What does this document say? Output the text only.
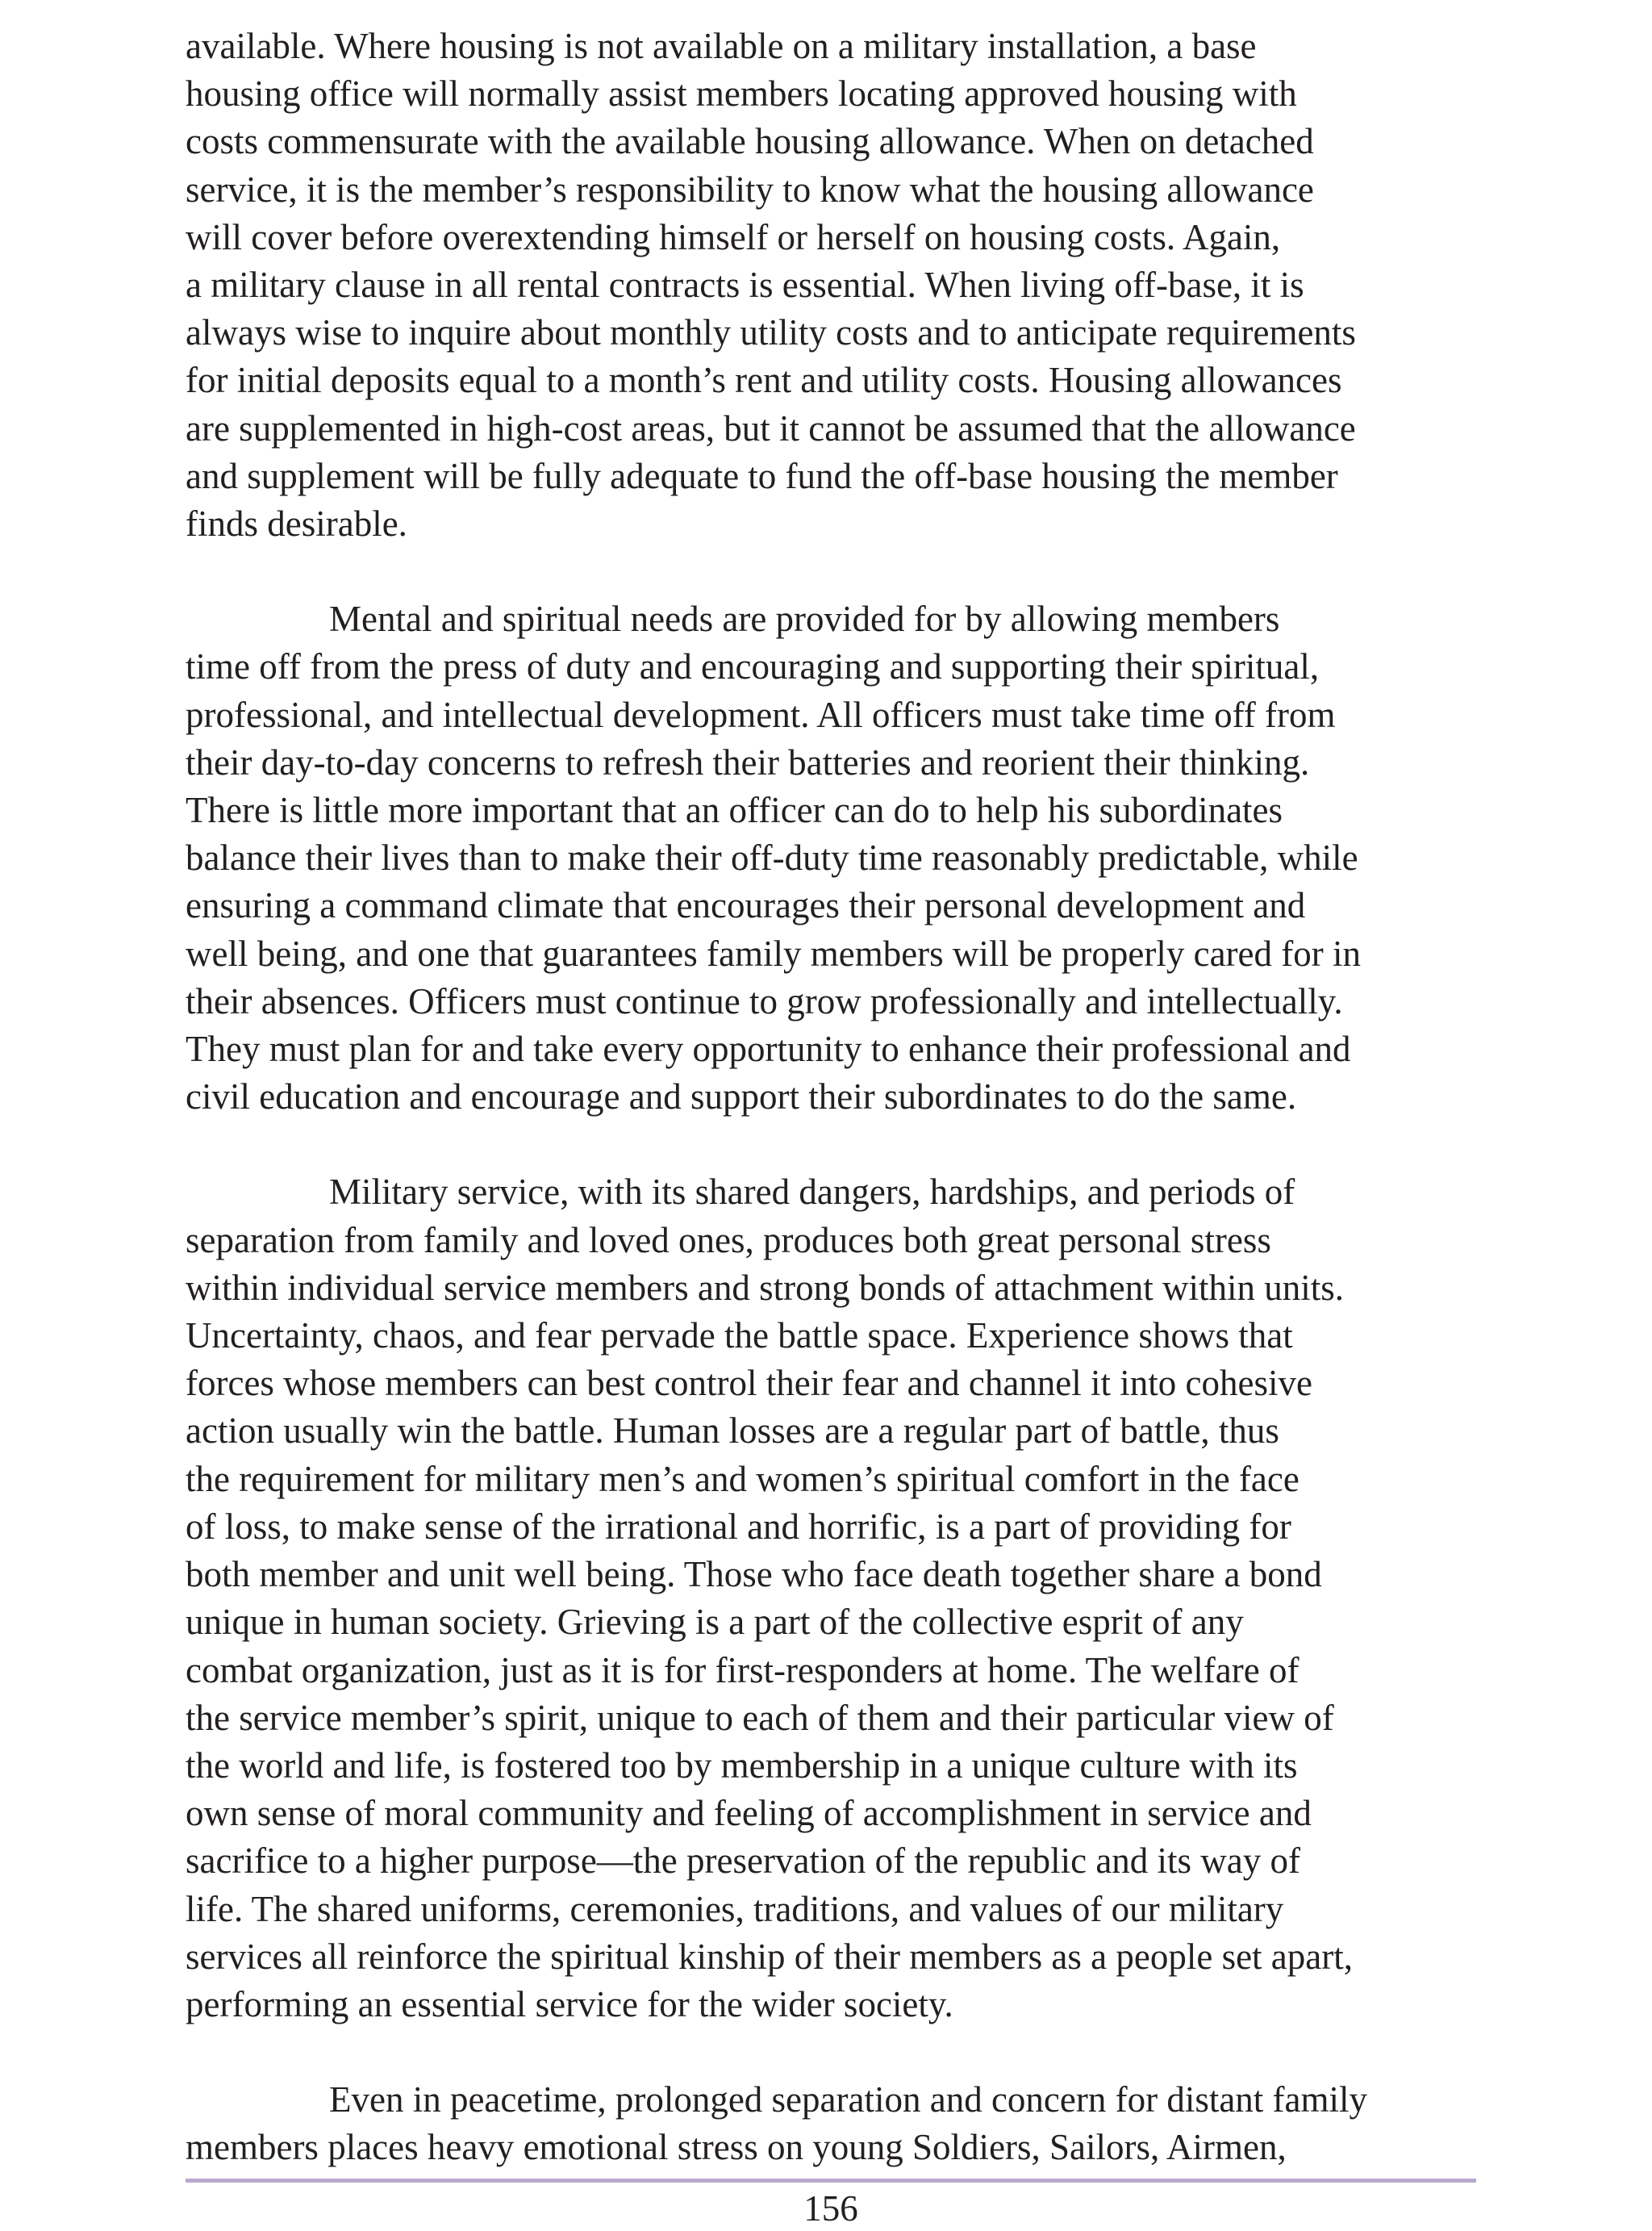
available. Where housing is not available on a military installation, a base
housing office will normally assist members locating approved housing with
costs commensurate with the available housing allowance. When on detached
service, it is the member’s responsibility to know what the housing allowance
will cover before overextending himself or herself on housing costs. Again,
a military clause in all rental contracts is essential. When living off-base, it is
always wise to inquire about monthly utility costs and to anticipate requirements
for initial deposits equal to a month’s rent and utility costs. Housing allowances
are supplemented in high-cost areas, but it cannot be assumed that the allowance
and supplement will be fully adequate to fund the off-base housing the member
finds desirable.

Mental and spiritual needs are provided for by allowing members
time off from the press of duty and encouraging and supporting their spiritual,
professional, and intellectual development. All officers must take time off from
their day-to-day concerns to refresh their batteries and reorient their thinking.
There is little more important that an officer can do to help his subordinates
balance their lives than to make their off-duty time reasonably predictable, while
ensuring a command climate that encourages their personal development and
well being, and one that guarantees family members will be properly cared for in
their absences. Officers must continue to grow professionally and intellectually.
They must plan for and take every opportunity to enhance their professional and
civil education and encourage and support their subordinates to do the same.

Military service, with its shared dangers, hardships, and periods of
separation from family and loved ones, produces both great personal stress
within individual service members and strong bonds of attachment within units.
Uncertainty, chaos, and fear pervade the battle space. Experience shows that
forces whose members can best control their fear and channel it into cohesive
action usually win the battle. Human losses are a regular part of battle, thus
the requirement for military men’s and women’s spiritual comfort in the face
of loss, to make sense of the irrational and horrific, is a part of providing for
both member and unit well being. Those who face death together share a bond
unique in human society. Grieving is a part of the collective esprit of any
combat organization, just as it is for first-responders at home. The welfare of
the service member’s spirit, unique to each of them and their particular view of
the world and life, is fostered too by membership in a unique culture with its
own sense of moral community and feeling of accomplishment in service and
sacrifice to a higher purpose—the preservation of the republic and its way of
life. The shared uniforms, ceremonies, traditions, and values of our military
services all reinforce the spiritual kinship of their members as a people set apart,
performing an essential service for the wider society.

Even in peacetime, prolonged separation and concern for distant family
members places heavy emotional stress on young Soldiers, Sailors, Airmen,

156
